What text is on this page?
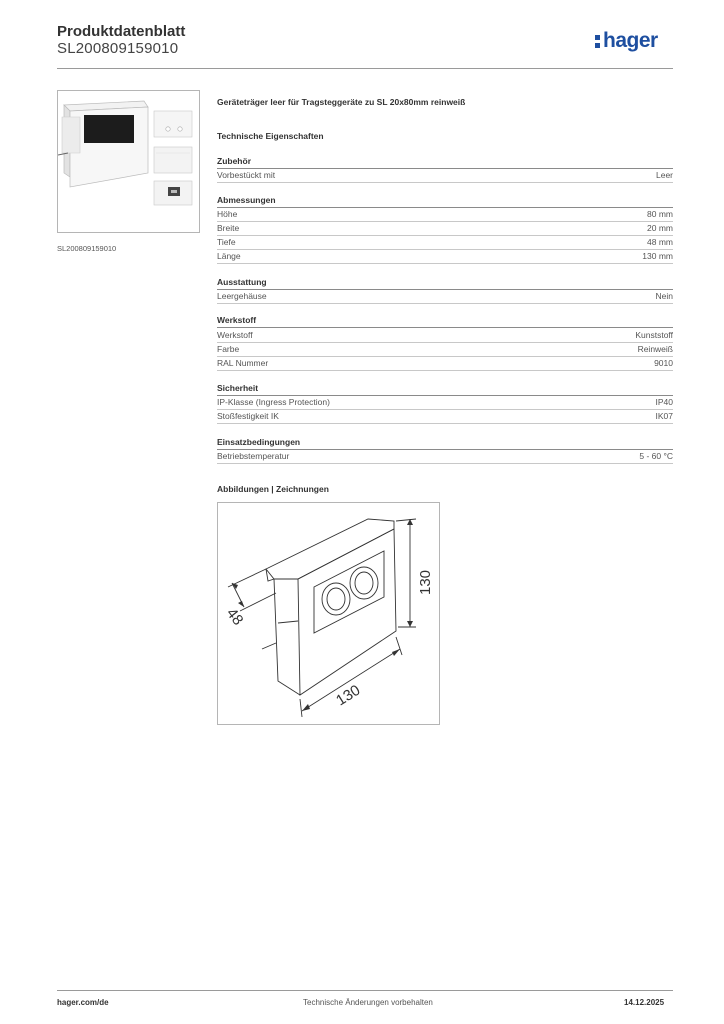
Produktdatenblatt
SL200809159010	hager
SL200809159010
Geräteträger leer für Tragsteggeräte zu SL 20x80mm reinweiß
Technische Eigenschaften
Zubehör
Vorbestückt mit	Leer
Abmessungen
Höhe	80 mm
Breite	20 mm
Tiefe	48 mm
Länge	130 mm
Ausstattung
Leergehäuse	Nein
Werkstoff
Werkstoff	Kunststoff
Farbe	Reinweiß
RAL Nummer	9010
Sicherheit
IP-Klasse (Ingress Protection)	IP40
Stoßfestigkeit IK	IK07
Einsatzbedingungen
Betriebstemperatur	5 - 60 °C
Abbildungen | Zeichnungen
48
130
130
hager.com/de	Technische Änderungen vorbehalten	14.12.2025
